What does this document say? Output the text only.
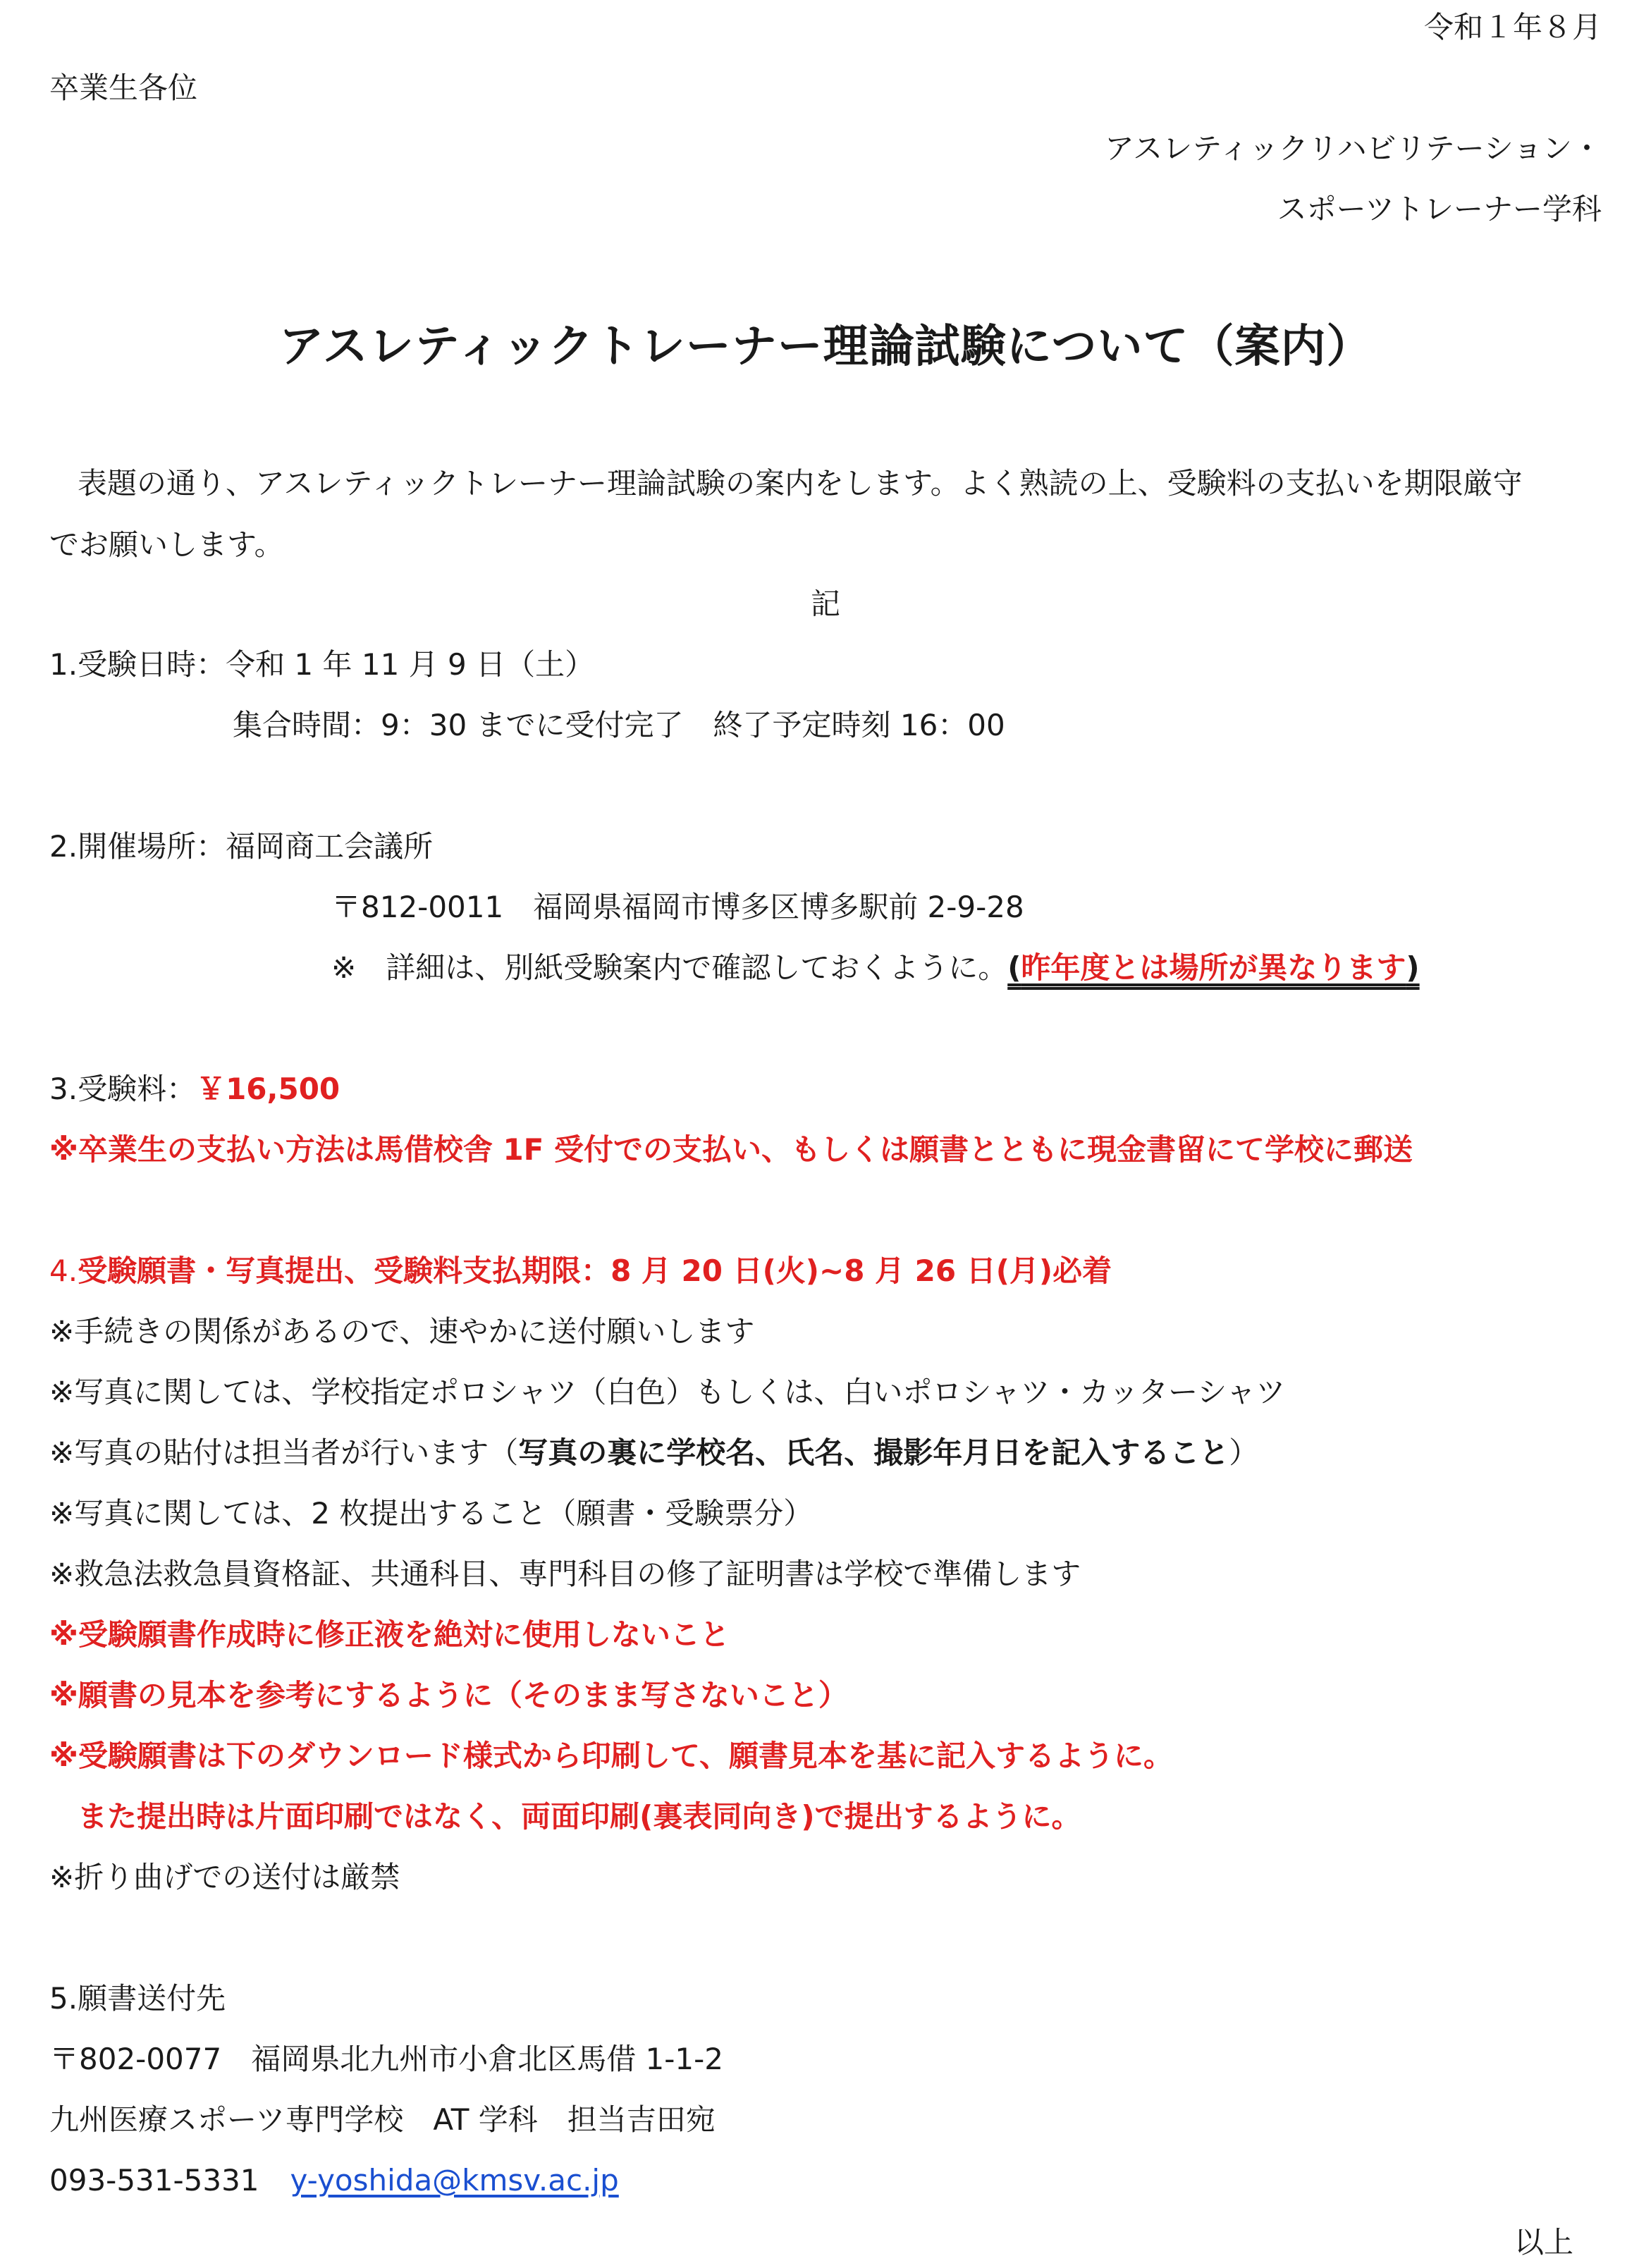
令和１年８月
卒業生各位
アスレティックリハビリテーション・
スポーツトレーナー学科
アスレティックトレーナー理論試験について（案内）
表題の通り、アスレティックトレーナー理論試験の案内をします。よく熟読の上、受験料の支払いを期限厳守
でお願いします。
記
1.受験日時：令和 1 年 11 月 9 日（土）
集合時間：9：30 までに受付完了　終了予定時刻 16：00
2.開催場所：福岡商工会議所
〒812-0011　福岡県福岡市博多区博多駅前 2-9-28
※　詳細は、別紙受験案内で確認しておくように。(昨年度とは場所が異なります)
3.受験料：￥16,500
※卒業生の支払い方法は馬借校舎 1F 受付での支払い、もしくは願書とともに現金書留にて学校に郵送
4.受験願書・写真提出、受験料支払期限：8 月 20 日(火)~8 月 26 日(月)必着
※手続きの関係があるので、速やかに送付願いします
※写真に関しては、学校指定ポロシャツ（白色）もしくは、白いポロシャツ・カッターシャツ
※写真の貼付は担当者が行います（写真の裏に学校名、氏名、撮影年月日を記入すること）
※写真に関しては、2 枚提出すること（願書・受験票分）
※救急法救急員資格証、共通科目、専門科目の修了証明書は学校で準備します
※受験願書作成時に修正液を絶対に使用しないこと
※願書の見本を参考にするように（そのまま写さないこと）
※受験願書は下のダウンロード様式から印刷して、願書見本を基に記入するように。
また提出時は片面印刷ではなく、両面印刷(裏表同向き)で提出するように。
※折り曲げでの送付は厳禁
5.願書送付先
〒802-0077　福岡県北九州市小倉北区馬借 1-1-2
九州医療スポーツ専門学校　AT 学科　担当吉田宛
093-531-5331 y-yoshida@kmsv.ac.jp
以上
